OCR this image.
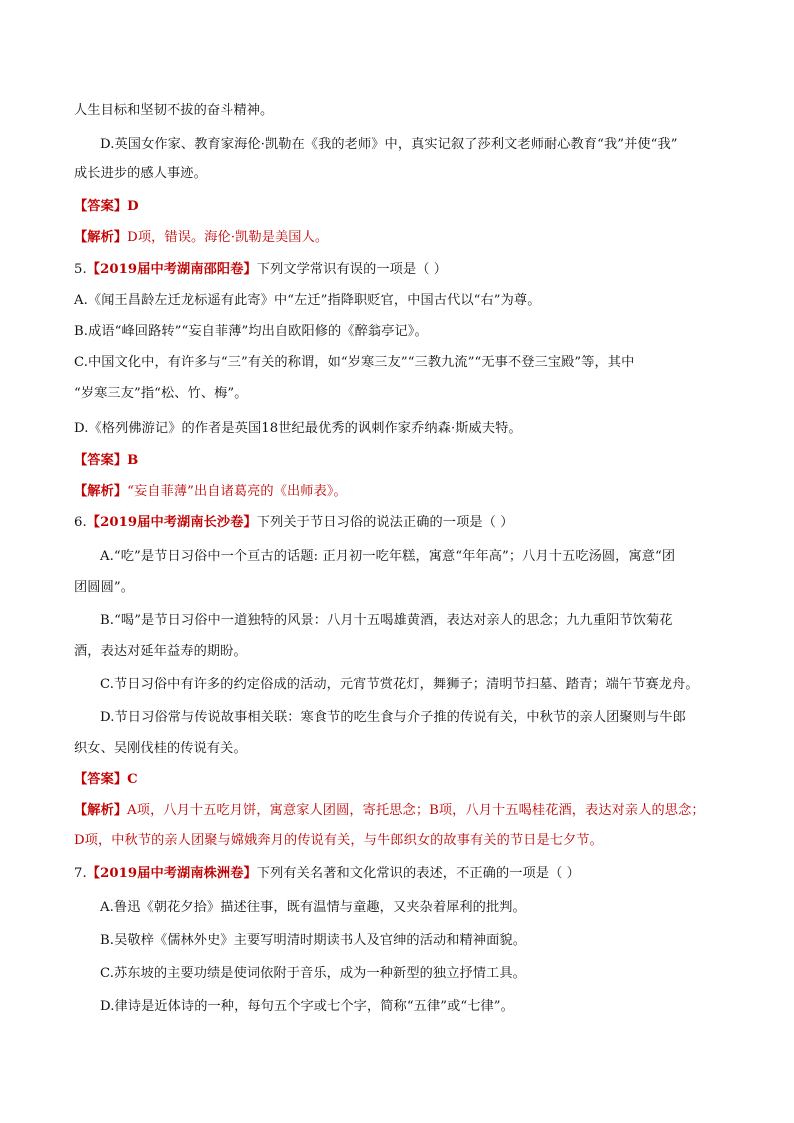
人生目标和坚韧不拔的奋斗精神。
D.英国女作家、教育家海伦·凯勒在《我的老师》中，真实记叙了莎利文老师耐心教育“我”并使“我”
成长进步的感人事迹。
【答案】D
【解析】D项，错误。海伦·凯勒是美国人。
5.【2019届中考湖南邵阳卷】下列文学常识有误的一项是（ ）
A.《闻王昌龄左迁龙标遥有此寄》中“左迁”指降职贬官，中国古代以“右”为尊。
B.成语“峰回路转”“妄自菲薄”均出自欧阳修的《醉翁亭记》。
C.中国文化中，有许多与“三”有关的称谓，如“岁寒三友”“三教九流”“无事不登三宝殿”等，其中
“岁寒三友”指“松、竹、梅”。
D.《格列佛游记》的作者是英国18世纪最优秀的讽刺作家乔纳森·斯威夫特。
【答案】B
【解析】“妄自菲薄”出自诸葛亮的《出师表》。
6.【2019届中考湖南长沙卷】下列关于节日习俗的说法正确的一项是（ ）
A.“吃”是节日习俗中一个亘古的话题: 正月初一吃年糕，寓意“年年高”；八月十五吃汤圆，寓意“团
团圆圆”。
B.“喝”是节日习俗中一道独特的风景：八月十五喝雄黄酒，表达对亲人的思念；九九重阳节饮菊花
酒，表达对延年益寿的期盼。
C.节日习俗中有许多的约定俗成的活动，元宵节赏花灯，舞狮子；清明节扫墓、踏青；端午节赛龙舟。
D.节日习俗常与传说故事相关联：寒食节的吃生食与介子推的传说有关，中秋节的亲人团聚则与牛郎
织女、吴刚伐桂的传说有关。
【答案】C
【解析】A项，八月十五吃月饼，寓意家人团圆，寄托思念；B项，八月十五喝桂花酒，表达对亲人的思念；
D项，中秋节的亲人团聚与嫦娥奔月的传说有关，与牛郎织女的故事有关的节日是七夕节。
7.【2019届中考湖南株洲卷】下列有关名著和文化常识的表述，不正确的一项是（ ）
A.鲁迅《朝花夕拾》描述往事，既有温情与童趣，又夹杂着犀利的批判。
B.吴敬梓《儒林外史》主要写明清时期读书人及官绅的活动和精神面貌。
C.苏东坡的主要功绩是使词依附于音乐，成为一种新型的独立抒情工具。
D.律诗是近体诗的一种，每句五个字或七个字，简称“五律”或“七律”。
